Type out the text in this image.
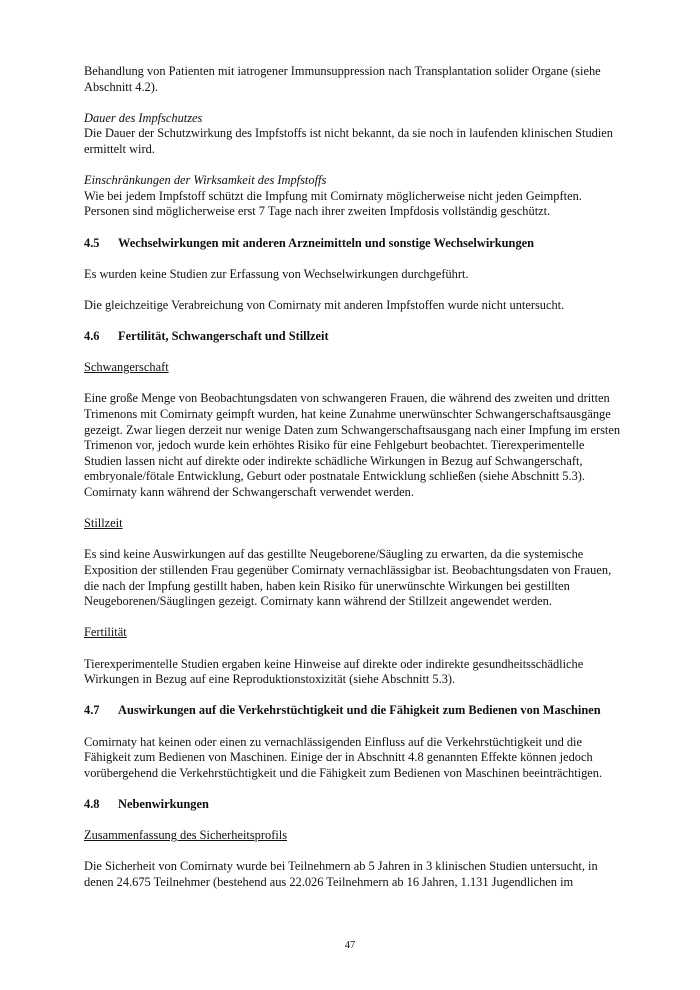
Behandlung von Patienten mit iatrogener Immunsuppression nach Transplantation solider Organe (siehe Abschnitt 4.2).

Dauer des Impfschutzes

Die Dauer der Schutzwirkung des Impfstoffs ist nicht bekannt, da sie noch in laufenden klinischen Studien ermittelt wird.

Einschränkungen der Wirksamkeit des Impfstoffs

Wie bei jedem Impfstoff schützt die Impfung mit Comirnaty möglicherweise nicht jeden Geimpften. Personen sind möglicherweise erst 7 Tage nach ihrer zweiten Impfdosis vollständig geschützt.

4.5	Wechselwirkungen mit anderen Arzneimitteln und sonstige Wechselwirkungen

Es wurden keine Studien zur Erfassung von Wechselwirkungen durchgeführt.

Die gleichzeitige Verabreichung von Comirnaty mit anderen Impfstoffen wurde nicht untersucht.

4.6	Fertilität, Schwangerschaft und Stillzeit

Schwangerschaft

Eine große Menge von Beobachtungsdaten von schwangeren Frauen, die während des zweiten und dritten Trimenons mit Comirnaty geimpft wurden, hat keine Zunahme unerwünschter Schwangerschaftsausgänge gezeigt. Zwar liegen derzeit nur wenige Daten zum Schwangerschaftsausgang nach einer Impfung im ersten Trimenon vor, jedoch wurde kein erhöhtes Risiko für eine Fehlgeburt beobachtet. Tierexperimentelle Studien lassen nicht auf direkte oder indirekte schädliche Wirkungen in Bezug auf Schwangerschaft, embryonale/fötale Entwicklung, Geburt oder postnatale Entwicklung schließen (siehe Abschnitt 5.3). Comirnaty kann während der Schwangerschaft verwendet werden.

Stillzeit

Es sind keine Auswirkungen auf das gestillte Neugeborene/Säugling zu erwarten, da die systemische Exposition der stillenden Frau gegenüber Comirnaty vernachlässigbar ist. Beobachtungsdaten von Frauen, die nach der Impfung gestillt haben, haben kein Risiko für unerwünschte Wirkungen bei gestillten Neugeborenen/Säuglingen gezeigt. Comirnaty kann während der Stillzeit angewendet werden.

Fertilität

Tierexperimentelle Studien ergaben keine Hinweise auf direkte oder indirekte gesundheitsschädliche Wirkungen in Bezug auf eine Reproduktionstoxizität (siehe Abschnitt 5.3).

4.7	Auswirkungen auf die Verkehrstüchtigkeit und die Fähigkeit zum Bedienen von Maschinen

Comirnaty hat keinen oder einen zu vernachlässigenden Einfluss auf die Verkehrstüchtigkeit und die Fähigkeit zum Bedienen von Maschinen. Einige der in Abschnitt 4.8 genannten Effekte können jedoch vorübergehend die Verkehrstüchtigkeit und die Fähigkeit zum Bedienen von Maschinen beeinträchtigen.

4.8	Nebenwirkungen

Zusammenfassung des Sicherheitsprofils

Die Sicherheit von Comirnaty wurde bei Teilnehmern ab 5 Jahren in 3 klinischen Studien untersucht, in denen 24.675 Teilnehmer (bestehend aus 22.026 Teilnehmern ab 16 Jahren, 1.131 Jugendlichen im

47
